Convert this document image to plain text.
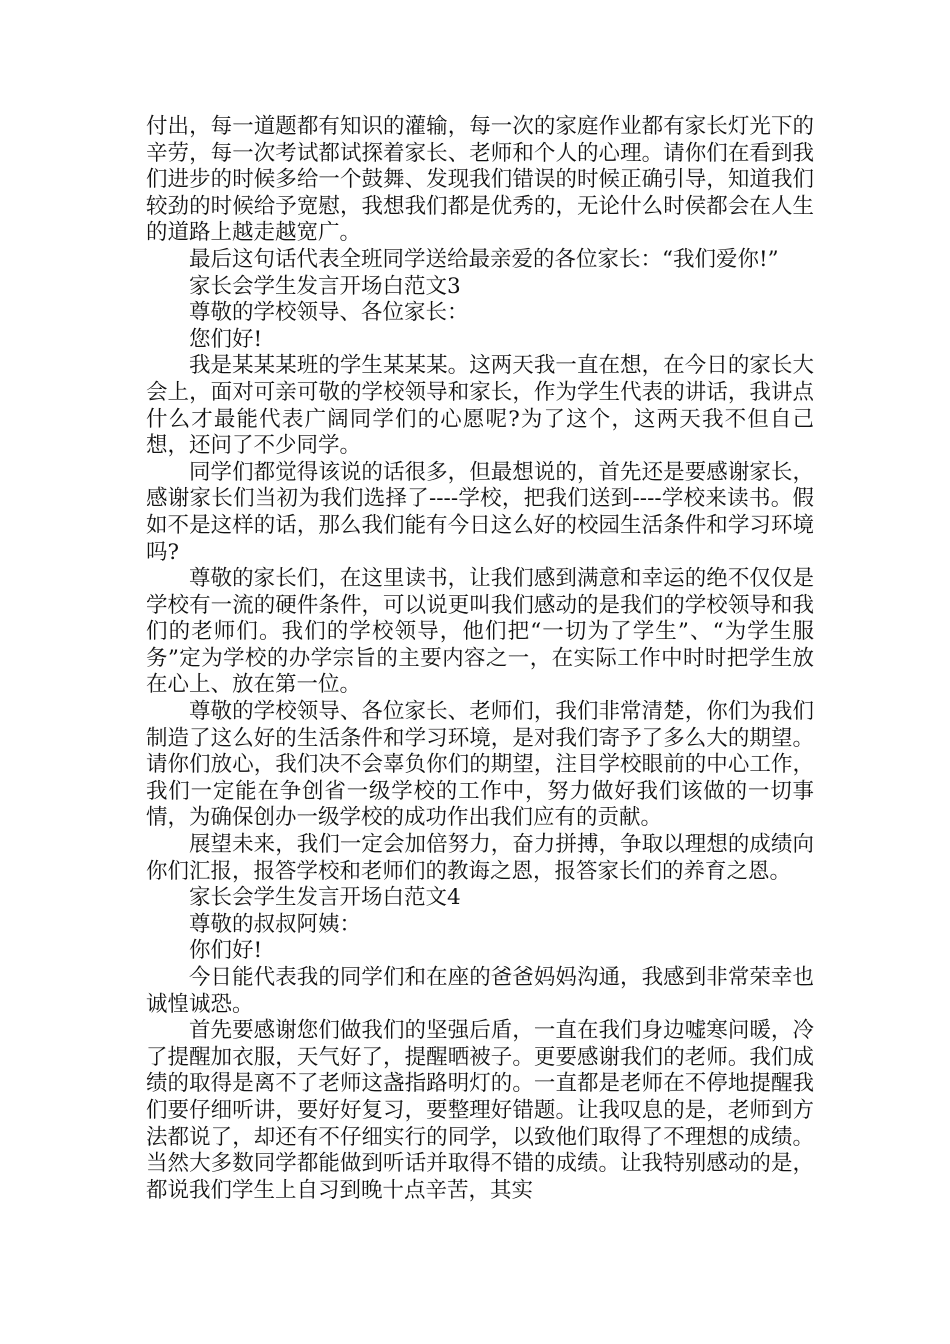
付出，每一道题都有知识的灌输，每一次的家庭作业都有家长灯光下的辛劳，每一次考试都试探着家长、老师和个人的心理。请你们在看到我们进步的时候多给一个鼓舞、发现我们错误的时候正确引导，知道我们较劲的时候给予宽慰，我想我们都是优秀的，无论什么时侯都会在人生的道路上越走越宽广。

最后这句话代表全班同学送给最亲爱的各位家长：“我们爱你!”

家长会学生发言开场白范文3

尊敬的学校领导、各位家长：

您们好!

我是某某某班的学生某某某。这两天我一直在想，在今日的家长大会上，面对可亲可敬的学校领导和家长，作为学生代表的讲话，我讲点什么才最能代表广阔同学们的心愿呢?为了这个，这两天我不但自己想，还问了不少同学。

同学们都觉得该说的话很多，但最想说的，首先还是要感谢家长，感谢家长们当初为我们选择了----学校，把我们送到----学校来读书。假如不是这样的话，那么我们能有今日这么好的校园生活条件和学习环境吗?

尊敬的家长们，在这里读书，让我们感到满意和幸运的绝不仅仅是学校有一流的硬件条件，可以说更叫我们感动的是我们的学校领导和我们的老师们。我们的学校领导，他们把“一切为了学生”、“为学生服务”定为学校的办学宗旨的主要内容之一，在实际工作中时时把学生放在心上、放在第一位。

尊敬的学校领导、各位家长、老师们，我们非常清楚，你们为我们制造了这么好的生活条件和学习环境，是对我们寄予了多么大的期望。请你们放心，我们决不会辜负你们的期望，注目学校眼前的中心工作，我们一定能在争创省一级学校的工作中，努力做好我们该做的一切事情，为确保创办一级学校的成功作出我们应有的贡献。

展望未来，我们一定会加倍努力，奋力拼搏，争取以理想的成绩向你们汇报，报答学校和老师们的教诲之恩，报答家长们的养育之恩。

家长会学生发言开场白范文4

尊敬的叔叔阿姨：

你们好!

今日能代表我的同学们和在座的爸爸妈妈沟通，我感到非常荣幸也诚惶诚恐。

首先要感谢您们做我们的坚强后盾，一直在我们身边嘘寒问暖，冷了提醒加衣服，天气好了，提醒晒被子。更要感谢我们的老师。我们成绩的取得是离不了老师这盏指路明灯的。一直都是老师在不停地提醒我们要仔细听讲，要好好复习，要整理好错题。让我叹息的是，老师到方法都说了，却还有不仔细实行的同学，以致他们取得了不理想的成绩。当然大多数同学都能做到听话并取得不错的成绩。让我特别感动的是，都说我们学生上自习到晚十点辛苦，其实
